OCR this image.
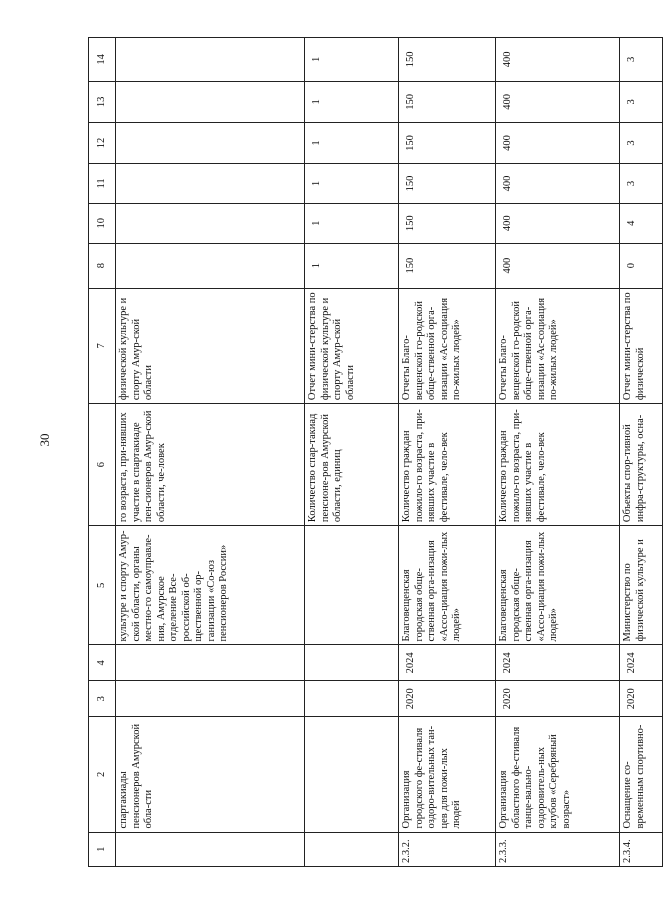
30
1	2	3	4	5	6	7	8	10	11	12	13	14
	спартакиады пенсионеров Амурской обла-сти			культуре и спорту Амур-ской области, органы местно-го самоуправле-ния, Амурское отделение Все-российской об-щественной ор-ганизации «Со-юз пенсионеров России»	го возраста, при-нявших участие в спартакиаде пен-сионеров Амур-ской области, че-ловек	физической культуре и спорту Амур-ской области						
					Количество спар-такиад пенсионе-ров Амурской области, единиц	Отчет мини-стерства по физической культуре и спорту Амур-ской области	1	1	1	1	1	1
2.3.2.	Организация городского фе-стиваля оздоро-вительных тан-цев для пожи-лых людей	2020	2024	Благовещенская городская обще-ственная орга-низация «Ассо-циация пожи-лых людей»	Количество граждан пожило-го возраста, при-нявших участие в фестивале, чело-век	Отчеты Благо-вещенской го-родской обще-ственной орга-низации «Ас-социация по-жилых людей»	150	150	150	150	150	150
2.3.3.	Организация областного фе-стиваля танце-вально-оздоровитель-ных клубов «Серебряный возраст»	2020	2024	Благовещенская городская обще-ственная орга-низация «Ассо-циация пожи-лых людей»	Количество граждан пожило-го возраста, при-нявших участие в фестивале, чело-век	Отчеты Благо-вещенской го-родской обще-ственной орга-низации «Ас-социация по-жилых людей»	400	400	400	400	400	400
2.3.4.	Оснащение со-временным спортивно-	2020	2024	Министерство по физической культуре и	Объекты спор-тивной инфра-структуры, осна-	Отчет мини-стерства по физической	0	4	3	3	3	3
